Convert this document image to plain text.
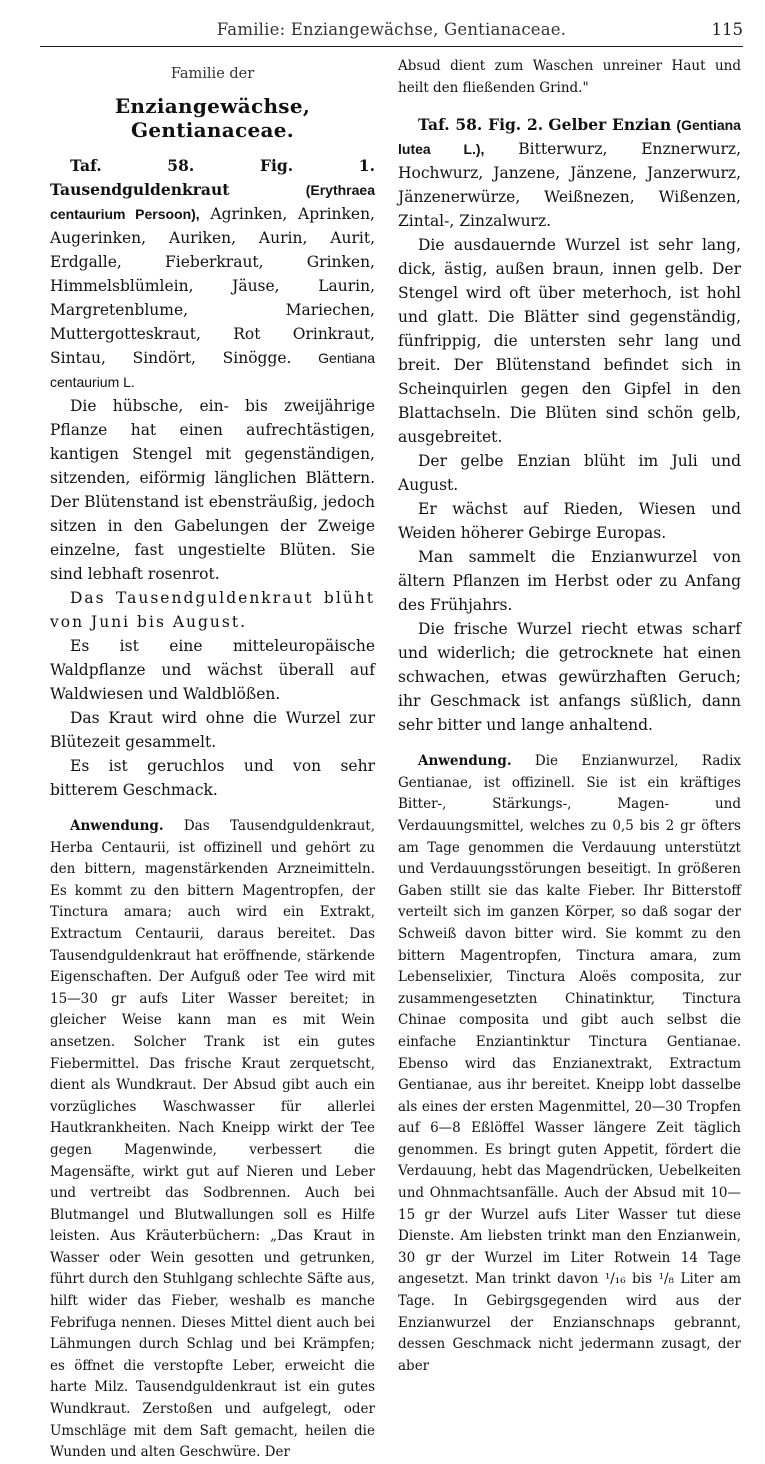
Familie: Enziangewächse, Gentianaceae.	115

Familie der

Enziangewächse, Gentianaceae.

Taf. 58. Fig. 1. Tausendguldenkraut	(Erythraea centaurium Persoon), Agrinken, Aprinken, Augerinken, Auriken, Aurin, Aurit, Erdgalle, Fieberkraut, Grinken, Himmelsblümlein, Jäuse, Laurin, Margretenblume, Mariechen, Muttergotteskraut, Rot Orinkraut, Sintau, Sindört, Sinögge. Gentiana centaurium L.

Die hübsche, ein- bis zweijährige Pflanze hat einen aufrechtästigen, kantigen Stengel mit gegenständigen, sitzenden, eiförmig länglichen Blättern. Der Blütenstand ist ebensträußig, jedoch sitzen in den Gabelungen der Zweige einzelne, fast ungestielte Blüten. Sie sind lebhaft rosenrot.

Das Tausendguldenkraut blüht von Juni bis August.

Es ist eine mitteleuropäische Waldpflanze und wächst überall auf Waldwiesen und Waldblößen.

Das Kraut wird ohne die Wurzel zur Blütezeit gesammelt.

Es ist geruchlos und von sehr bitterem Geschmack.

Anwendung. Das Tausendguldenkraut, Herba Centaurii, ist offizinell und gehört zu den bittern, magenstärkenden Arzneimitteln. Es kommt zu den bittern Magentropfen, der Tinctura amara; auch wird ein Extrakt, Extractum Centaurii, daraus bereitet. Das Tausendguldenkraut hat eröffnende, stärkende Eigenschaften. Der Aufguß oder Tee wird mit 15—30 gr aufs Liter Wasser bereitet; in gleicher Weise kann man es mit Wein ansetzen. Solcher Trank ist ein gutes Fiebermittel. Das frische Kraut zerquetscht, dient als Wundkraut. Der Absud gibt auch ein vorzügliches Waschwasser für allerlei Hautkrankheiten. Nach Kneipp wirkt der Tee gegen Magenwinde, verbessert die Magensäfte, wirkt gut auf Nieren und Leber und vertreibt das Sodbrennen. Auch bei Blutmangel und Blutwallungen soll es Hilfe leisten. Aus Kräuterbüchern: „Das Kraut in Wasser oder Wein gesotten und getrunken, führt durch den Stuhlgang schlechte Säfte aus, hilft wider das Fieber, weshalb es manche Febrifuga nennen. Dieses Mittel dient auch bei Lähmungen durch Schlag und bei Krämpfen; es öffnet die verstopfte Leber, erweicht die harte Milz. Tausendguldenkraut ist ein gutes Wundkraut. Zerstoßen und aufgelegt, oder Umschläge mit dem Saft gemacht, heilen die Wunden und alten Geschwüre. Der

Absud dient zum Waschen unreiner Haut und heilt den fließenden Grind."

Taf. 58. Fig. 2. Gelber Enzian (Gentiana lutea L.), Bitterwurz, Enznerwurz, Hochwurz, Janzene, Jänzene, Janzerwurz, Jänzenerwürze, Weißnezen, Wißenzen, Zintal-, Zinzalwurz.

Die ausdauernde Wurzel ist sehr lang, dick, ästig, außen braun, innen gelb. Der Stengel wird oft über meterhoch, ist hohl und glatt. Die Blätter sind gegenständig, fünfrippig, die untersten sehr lang und breit. Der Blütenstand befindet sich in Scheinquirlen gegen den Gipfel in den Blattachseln. Die Blüten sind schön gelb, ausgebreitet.

Der gelbe Enzian blüht im Juli und August.

Er wächst auf Rieden, Wiesen und Weiden höherer Gebirge Europas.

Man sammelt die Enzianwurzel von ältern Pflanzen im Herbst oder zu Anfang des Frühjahrs.

Die frische Wurzel riecht etwas scharf und widerlich; die getrocknete hat einen schwachen, etwas gewürzhaften Geruch; ihr Geschmack ist anfangs süßlich, dann sehr bitter und lange anhaltend.

Anwendung. Die Enzianwurzel, Radix Gentianae, ist offizinell. Sie ist ein kräftiges Bitter-, Stärkungs-, Magen- und Verdauungsmittel, welches zu 0,5 bis 2 gr öfters am Tage genommen die Verdauung unterstützt und Verdauungsstörungen beseitigt. In größeren Gaben stillt sie das kalte Fieber. Ihr Bitterstoff verteilt sich im ganzen Körper, so daß sogar der Schweiß davon bitter wird. Sie kommt zu den bittern Magentropfen, Tinctura amara, zum Lebenselixier, Tinctura Aloës composita, zur zusammengesetzten Chinatinktur, Tinctura Chinae composita und gibt auch selbst die einfache Enziantinktur Tinctura Gentianae. Ebenso wird das Enzianextrakt, Extractum Gentianae, aus ihr bereitet. Kneipp lobt dasselbe als eines der ersten Magenmittel, 20—30 Tropfen auf 6—8 Eßlöffel Wasser längere Zeit täglich genommen. Es bringt guten Appetit, fördert die Verdauung, hebt das Magendrücken, Uebelkeiten und Ohnmachtsanfälle. Auch der Absud mit 10—15 gr der Wurzel aufs Liter Wasser tut diese Dienste. Am liebsten trinkt man den Enzianwein, 30 gr der Wurzel im Liter Rotwein 14 Tage angesetzt. Man trinkt davon ¹/₁₆ bis ¹/₈ Liter am Tage. In Gebirgsgegenden wird aus der Enzianwurzel der Enzianschnaps gebrannt, dessen Geschmack nicht jedermann zusagt, der aber
